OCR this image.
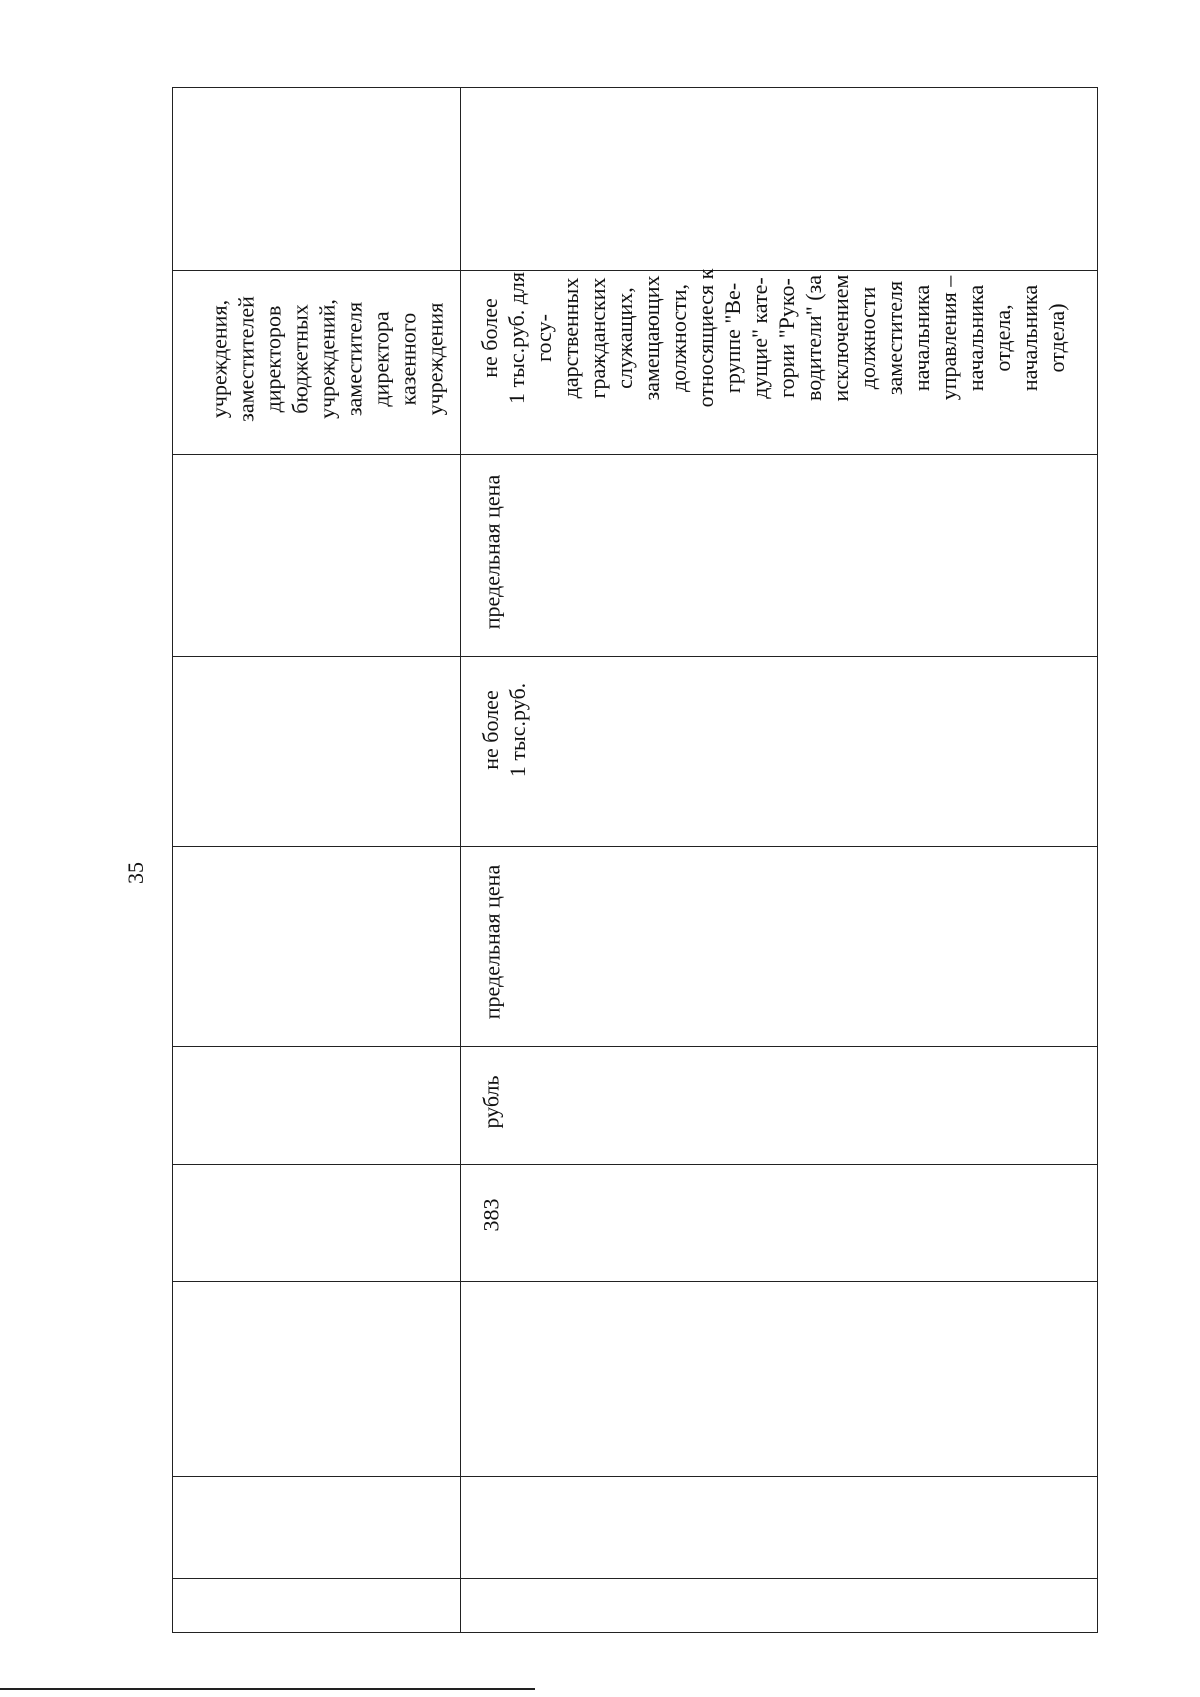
35
учреждения,
заместителей
директоров
бюджетных
учреждений,
заместителя
директора
казенного
учреждения не более
1 тыс.руб. для
госу-
дарственных
гражданских
служащих,
замещающих
должности,
относящиеся к
группе "Ве-
дущие" кате-
гории "Руко-
водители" (за
исключением
должности
заместителя
начальника
управления –
начальника
отдела,
начальника
отдела)
предельная цена
не более
1 тыс.руб.
предельная цена
рубль
383
